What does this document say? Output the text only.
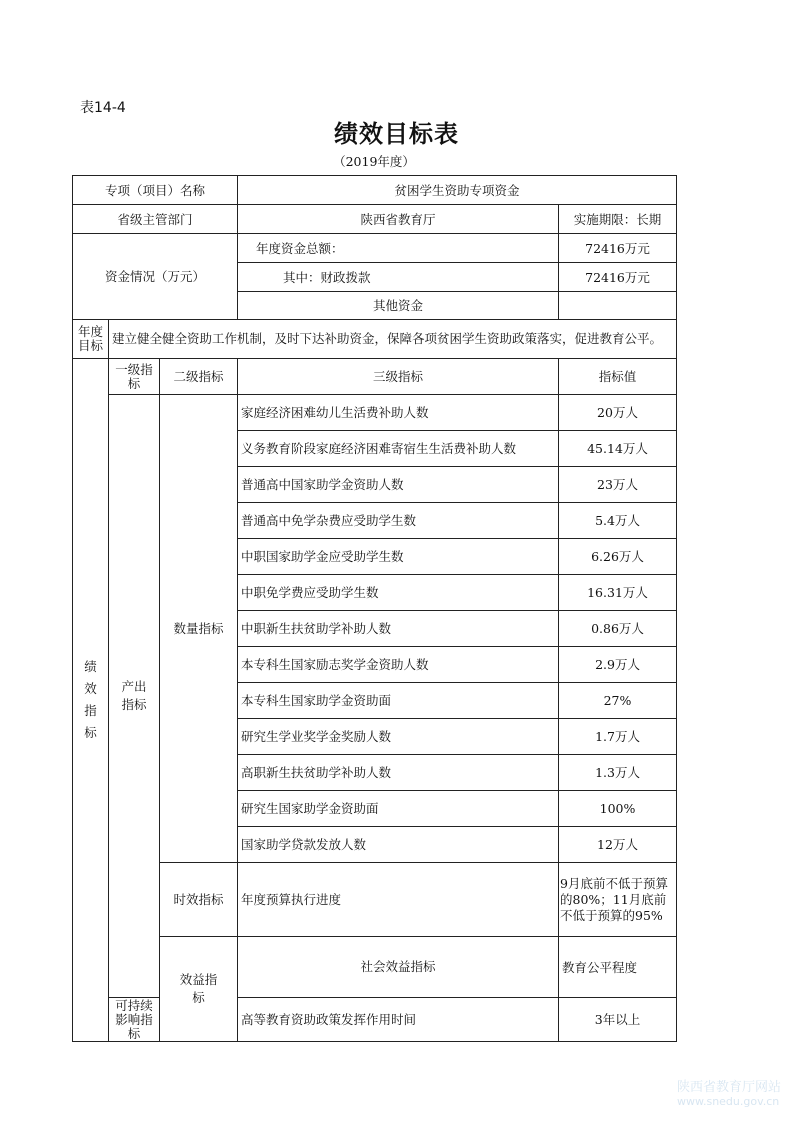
表14-4
绩效目标表
（2019年度）
专项（项目）名称			贫困学生资助专项资金		
省级主管部门			陕西省教育厅	实施期限：长期	
资金情况（万元）			年度资金总额：	72416万元	
			其中：财政拨款	72416万元	
			其他资金		
年度目标	建立健全健全资助工作机制，及时下达补助资金，保障各项贫困学生资助政策落实，促进教育公平。				

绩效指标	一级指标	二级指标	三级指标	指标值	

	产出指标	数量指标	家庭经济困难幼儿生活费补助人数	20万人	
			义务教育阶段家庭经济困难寄宿生生活费补助人数	45.14万人	
			普通高中国家助学金资助人数	23万人	
			普通高中免学杂费应受助学生数	5.4万人	
			中职国家助学金应受助学生数	6.26万人	
			中职免学费应受助学生数	16.31万人	
			中职新生扶贫助学补助人数	0.86万人	
			本专科生国家励志奖学金资助人数	2.9万人	
			本专科生国家助学金资助面	27%	
			研究生学业奖学金奖励人数	1.7万人	
			高职新生扶贫助学补助人数	1.3万人	
			研究生国家助学金资助面	100%	
			国家助学贷款发放人数	12万人	
		时效指标	年度预算执行进度	9月底前不低于预算的80%；11月底前不低于预算的95%	

		效益指标	社会效益指标	教育公平程度	
	可持续影响指标		高等教育资助政策发挥作用时间	3年以上	
陕西省教育厅网站
www.snedu.gov.cn
